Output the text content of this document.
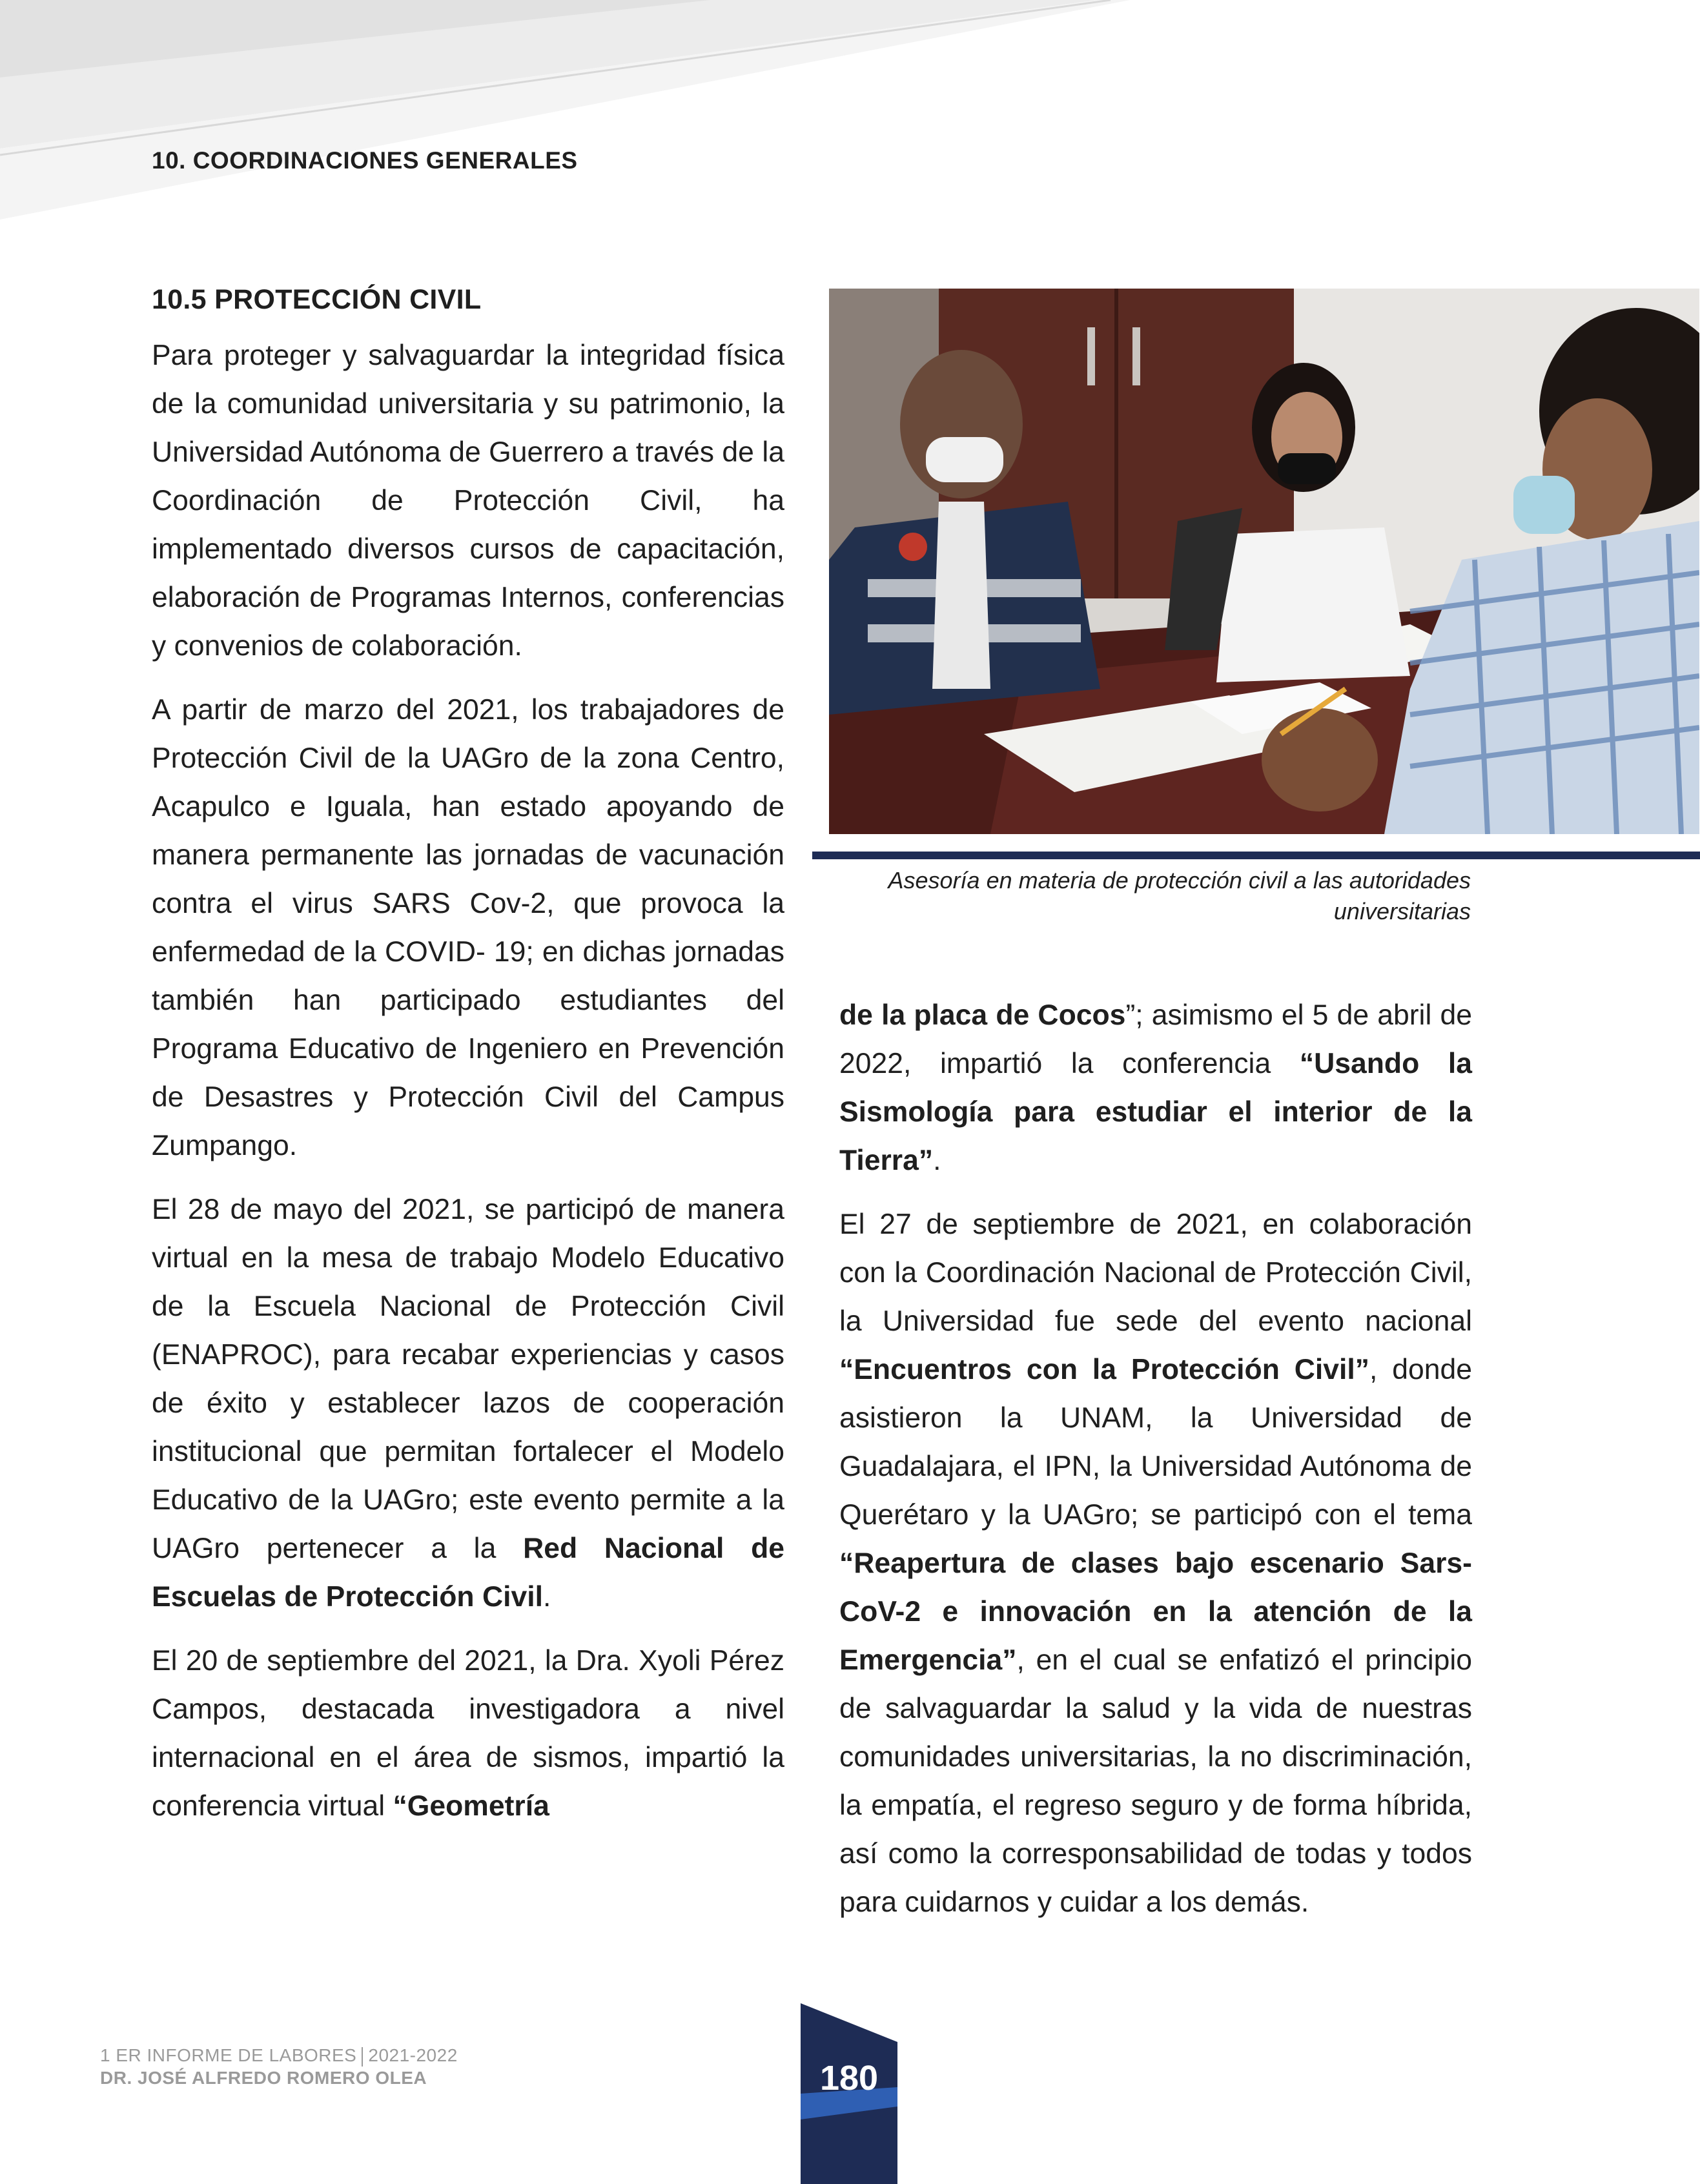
10. COORDINACIONES GENERALES
10.5 PROTECCIÓN CIVIL

Para proteger y salvaguardar la integridad física de la comunidad universitaria y su patrimonio, la Universidad Autónoma de Guerrero a través de la Coordinación de Protección Civil, ha implementado diversos cursos de capacitación, elaboración de Programas Internos, conferencias y convenios de colaboración.

A partir de marzo del 2021, los trabajadores de Protección Civil de la UAGro de la zona Centro, Acapulco e Iguala, han estado apoyando de manera permanente las jornadas de vacunación contra el virus SARS Cov-2, que provoca la enfermedad de la COVID- 19; en dichas jornadas también han participado estudiantes del Programa Educativo de Ingeniero en Prevención de Desastres y Protección Civil del Campus Zumpango.

El 28 de mayo del 2021, se participó de manera virtual en la mesa de trabajo Modelo Educativo de la Escuela Nacional de Protección Civil (ENAPROC), para recabar experiencias y casos de éxito y establecer lazos de cooperación institucional que permitan fortalecer el Modelo Educativo de la UAGro; este evento permite a la UAGro pertenecer a la Red Nacional de Escuelas de Protección Civil.

El 20 de septiembre del 2021, la Dra. Xyoli Pérez Campos, destacada investigadora a nivel internacional en el área de sismos, impartió la conferencia virtual “Geometría

Asesoría en materia de protección civil a las autoridades universitarias

de la placa de Cocos”; asimismo el 5 de abril de 2022, impartió la conferencia “Usando la Sismología para estudiar el interior de la Tierra”.

El 27 de septiembre de 2021, en colaboración con la Coordinación Nacional de Protección Civil, la Universidad fue sede del evento nacional “Encuentros con la Protección Civil”, donde asistieron la UNAM, la Universidad de Guadalajara, el IPN, la Universidad Autónoma de Querétaro y la UAGro; se participó con el tema “Reapertura de clases bajo escenario Sars-CoV-2 e innovación en la atención de la Emergencia”, en el cual se enfatizó el principio de salvaguardar la salud y la vida de nuestras comunidades universitarias, la no discriminación, la empatía, el regreso seguro y de forma híbrida, así como la corresponsabilidad de todas y todos para cuidarnos y cuidar a los demás.

1 ER INFORME DE LABORES 2021-2022
DR. JOSÉ ALFREDO ROMERO OLEA	180
